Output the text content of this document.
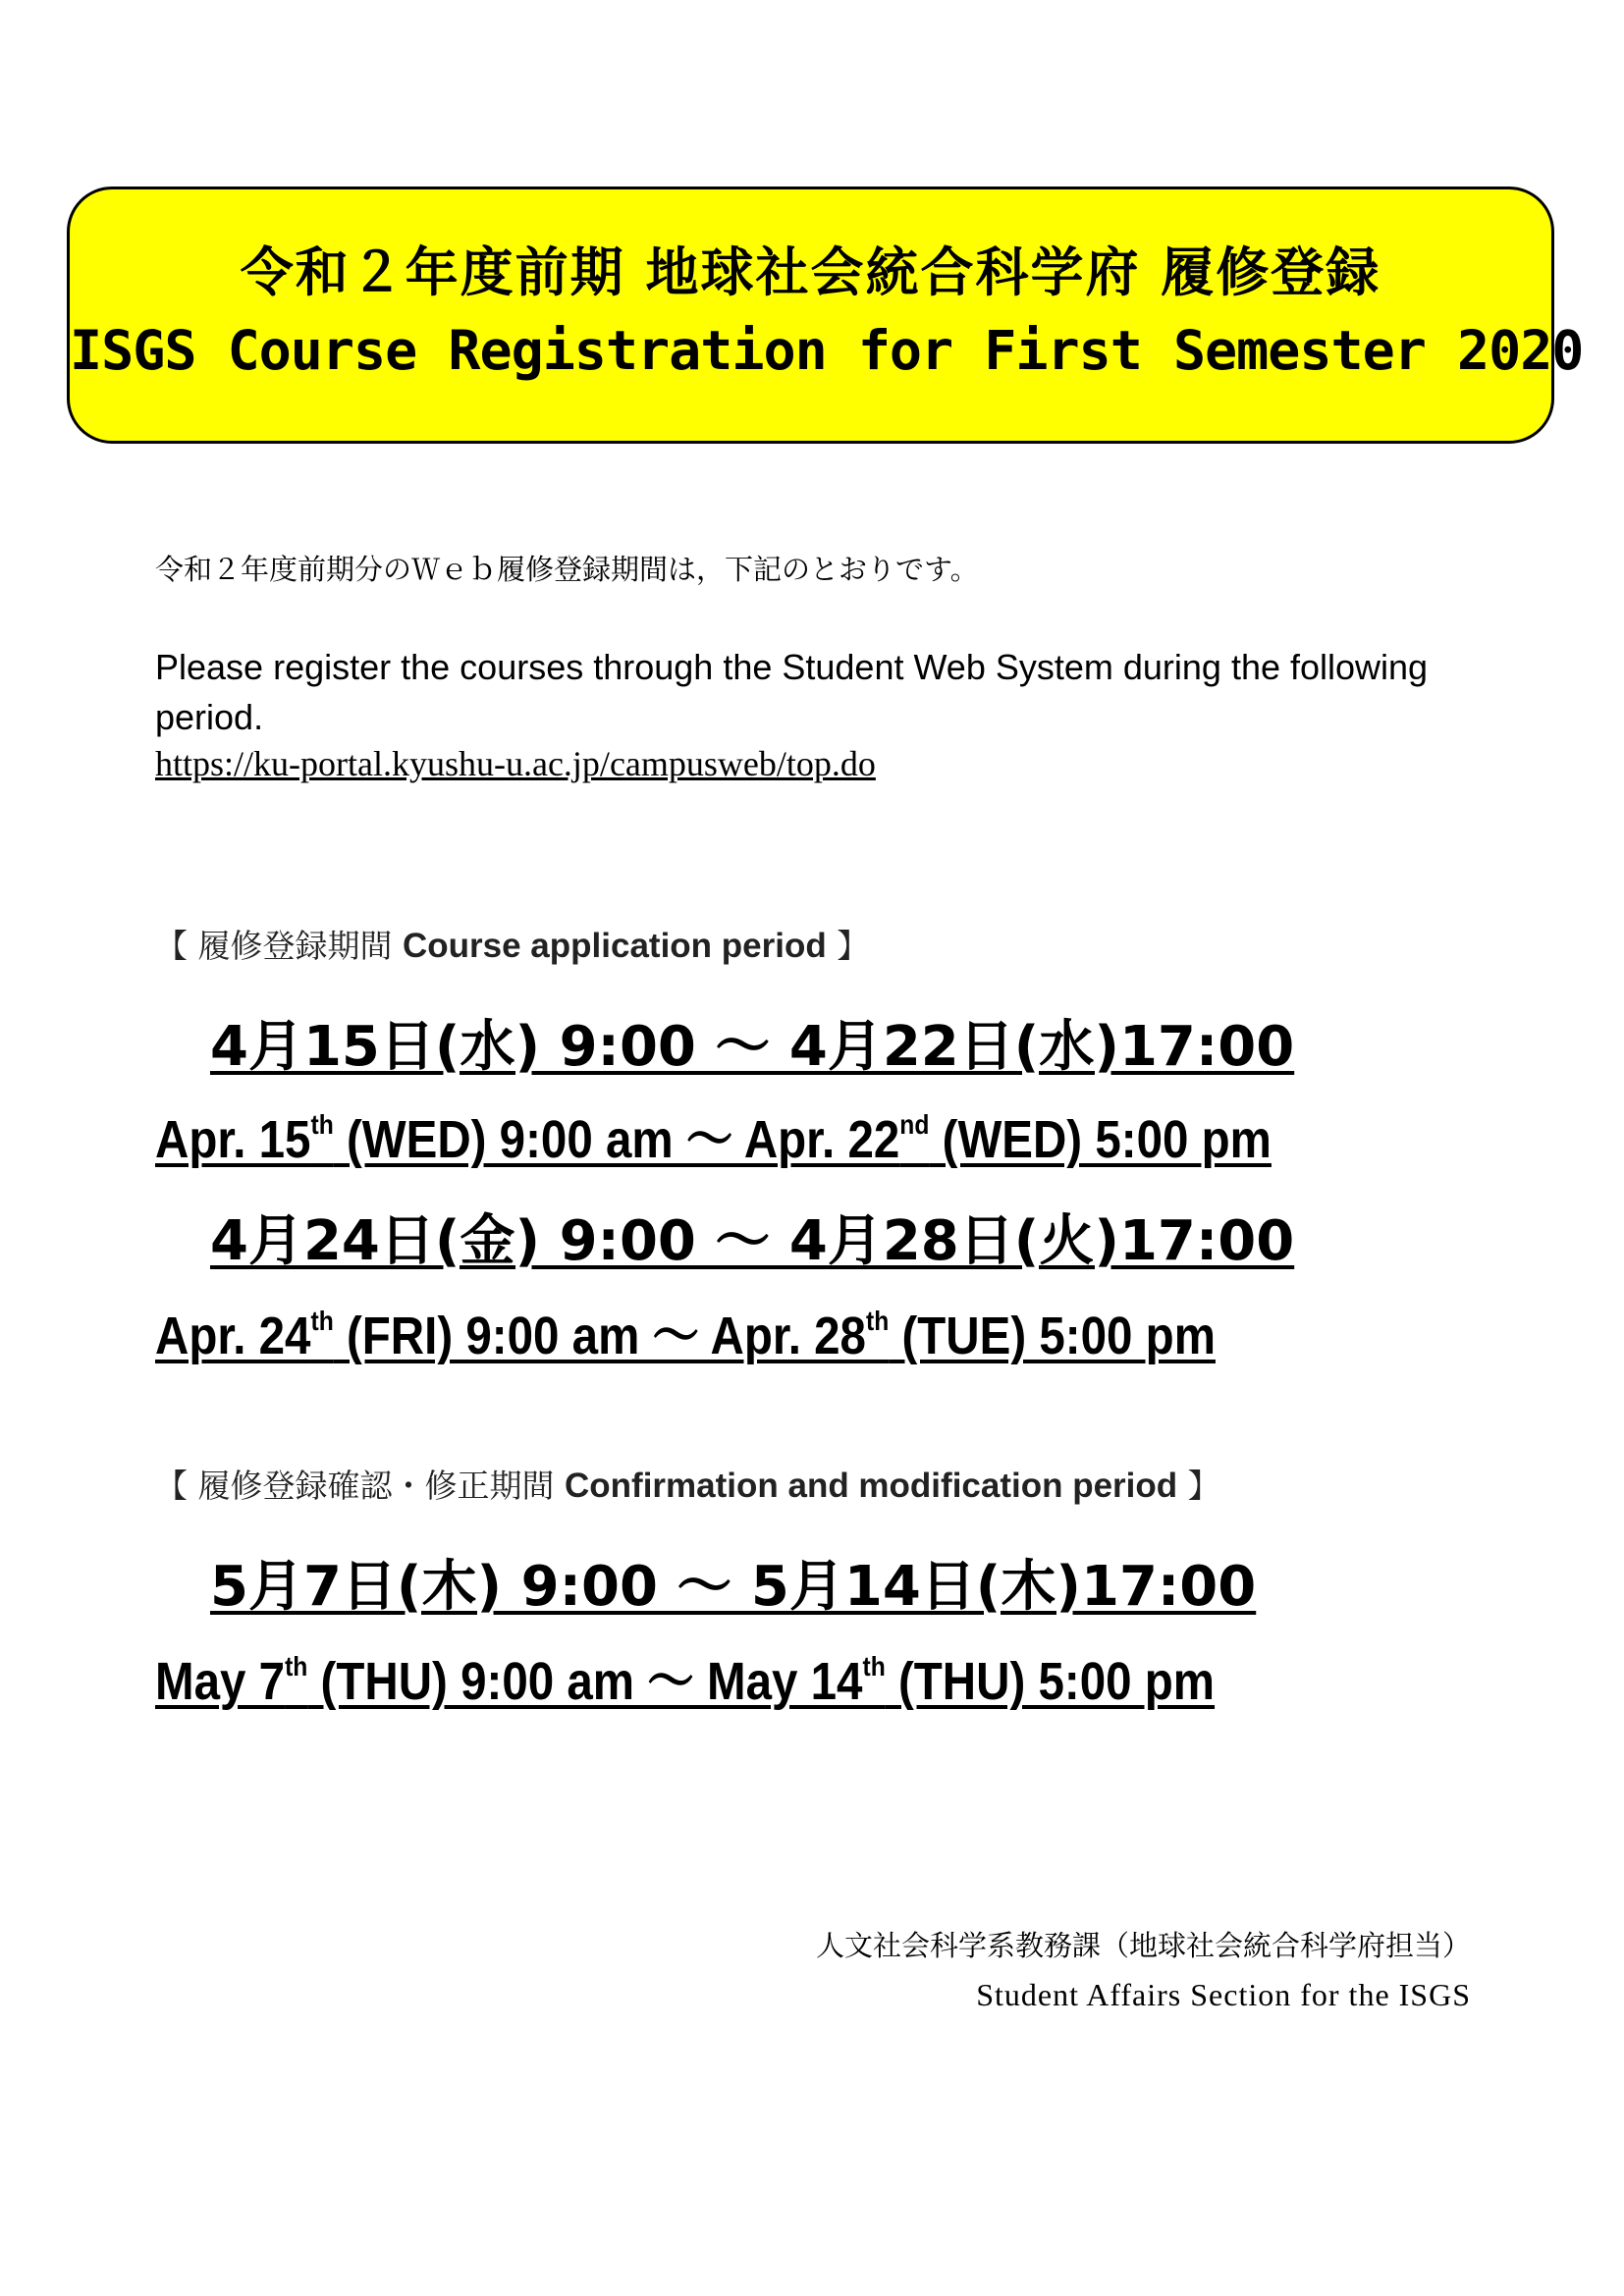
令和２年度前期 地球社会統合科学府 履修登録
ISGS Course Registration for First Semester 2020
令和２年度前期分のＷｅｂ履修登録期間は，下記のとおりです。
Please register the courses through the Student Web System during the following period.
https://ku-portal.kyushu-u.ac.jp/campusweb/top.do
【 履修登録期間 Course application period 】
4月15日(水) 9:00 ～ 4月22日(水)17:00
Apr. 15th (WED) 9:00 am ～ Apr. 22nd (WED) 5:00 pm
4月24日(金) 9:00 ～ 4月28日(火)17:00
Apr. 24th (FRI) 9:00 am ～ Apr. 28th (TUE) 5:00 pm
【 履修登録確認・修正期間 Confirmation and modification period 】
5月7日(木) 9:00 ～ 5月14日(木)17:00
May 7th (THU) 9:00 am ～ May 14th (THU) 5:00 pm
人文社会科学系教務課（地球社会統合科学府担当）
Student Affairs Section for the ISGS
